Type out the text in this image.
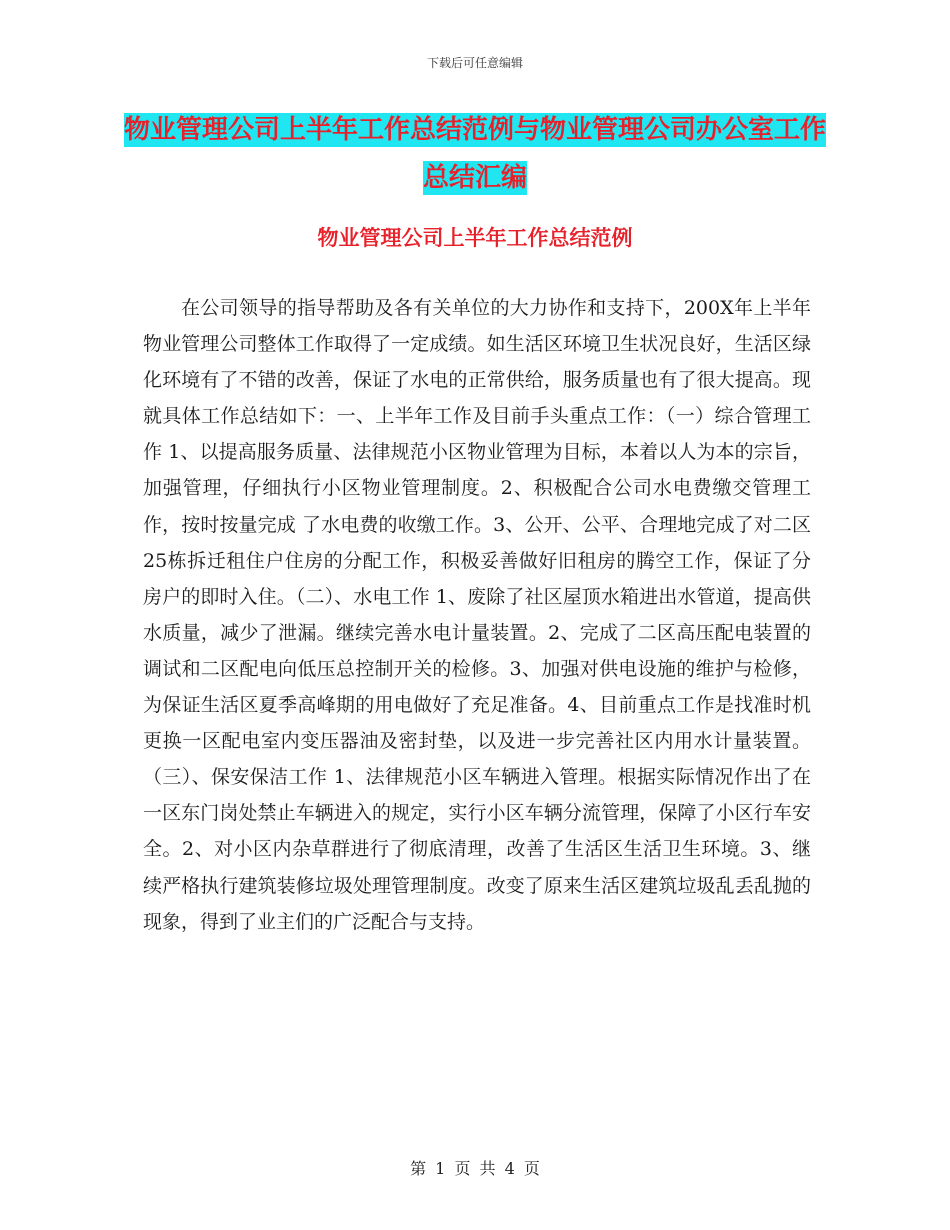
下载后可任意编辑
物业管理公司上半年工作总结范例与物业管理公司办公室工作总结汇编
物业管理公司上半年工作总结范例

在公司领导的指导帮助及各有关单位的大力协作和支持下，200X年上半年物业管理公司整体工作取得了一定成绩。如生活区环境卫生状况良好，生活区绿化环境有了不错的改善，保证了水电的正常供给，服务质量也有了很大提高。现就具体工作总结如下：一、上半年工作及目前手头重点工作：（一）综合管理工作 1、以提高服务质量、法律规范小区物业管理为目标，本着以人为本的宗旨，加强管理，仔细执行小区物业管理制度。2、积极配合公司水电费缴交管理工作，按时按量完成 了水电费的收缴工作。3、公开、公平、合理地完成了对二区25栋拆迁租住户住房的分配工作，积极妥善做好旧租房的腾空工作，保证了分房户的即时入住。（二）、水电工作 1、废除了社区屋顶水箱进出水管道，提高供水质量，减少了泄漏。继续完善水电计量装置。2、完成了二区高压配电装置的调试和二区配电向低压总控制开关的检修。3、加强对供电设施的维护与检修，为保证生活区夏季高峰期的用电做好了充足准备。4、目前重点工作是找准时机更换一区配电室内变压器油及密封垫，以及进一步完善社区内用水计量装置。（三）、保安保洁工作 1、法律规范小区车辆进入管理。根据实际情况作出了在一区东门岗处禁止车辆进入的规定，实行小区车辆分流管理，保障了小区行车安全。2、对小区内杂草群进行了彻底清理，改善了生活区生活卫生环境。3、继续严格执行建筑装修垃圾处理管理制度。改变了原来生活区建筑垃圾乱丢乱抛的现象，得到了业主们的广泛配合与支持。

第 1 页 共 4 页
